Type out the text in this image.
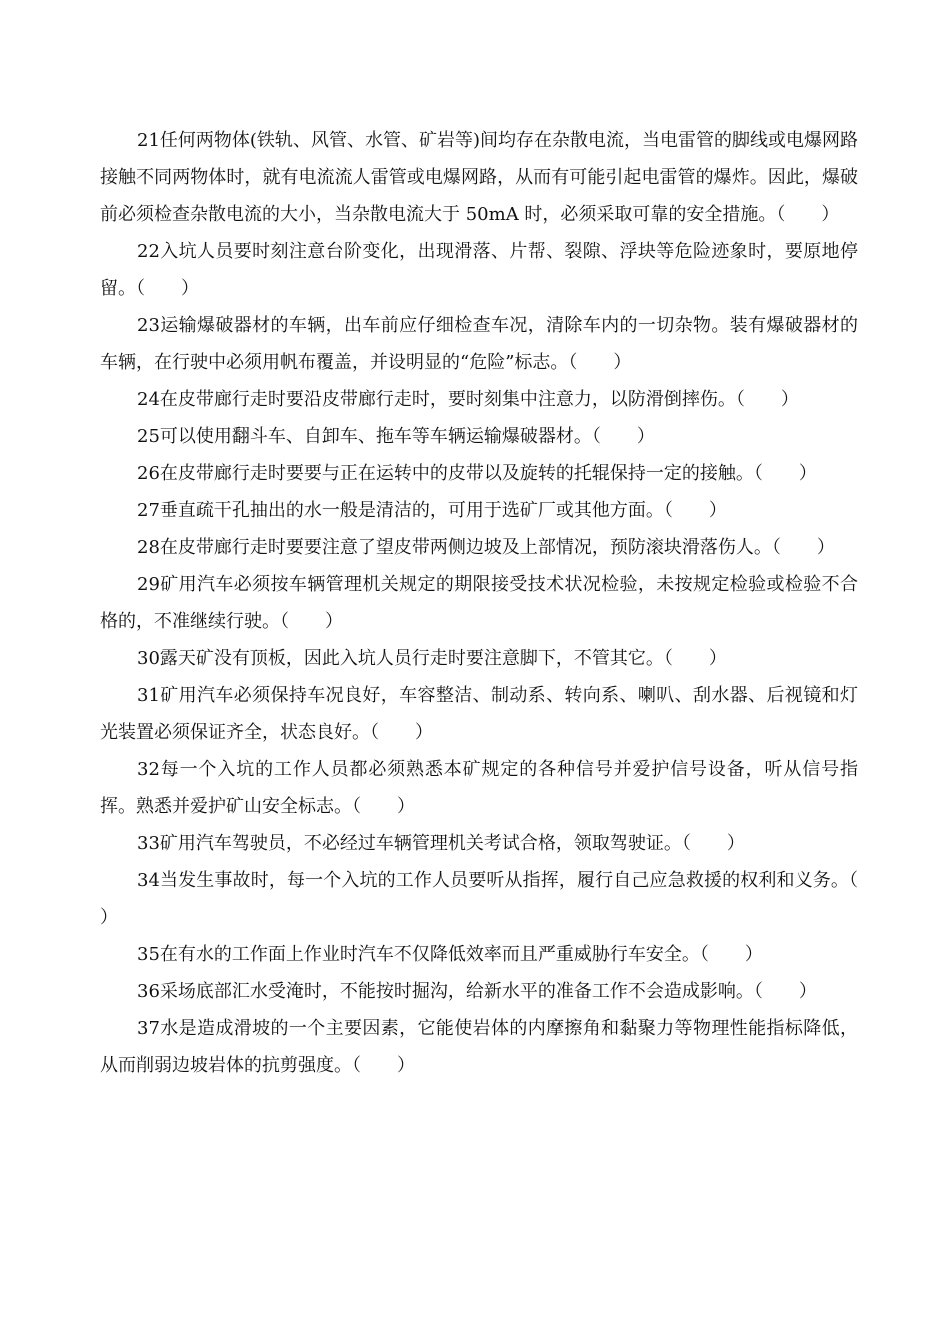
21任何两物体(铁轨、风管、水管、矿岩等)间均存在杂散电流，当电雷管的脚线或电爆网路接触不同两物体时，就有电流流人雷管或电爆网路，从而有可能引起电雷管的爆炸。因此，爆破前必须检查杂散电流的大小，当杂散电流大于 50mA 时，必须采取可靠的安全措施。（　　）

22入坑人员要时刻注意台阶变化，出现滑落、片帮、裂隙、浮块等危险迹象时，要原地停留。（　　）

23运输爆破器材的车辆，出车前应仔细检查车况，清除车内的一切杂物。装有爆破器材的车辆，在行驶中必须用帆布覆盖，并设明显的“危险”标志。（　　）

24在皮带廊行走时要沿皮带廊行走时，要时刻集中注意力，以防滑倒摔伤。（　　）

25可以使用翻斗车、自卸车、拖车等车辆运输爆破器材。（　　）

26在皮带廊行走时要要与正在运转中的皮带以及旋转的托辊保持一定的接触。（　　）

27垂直疏干孔抽出的水一般是清洁的，可用于选矿厂或其他方面。（　　）

28在皮带廊行走时要要注意了望皮带两侧边坡及上部情况，预防滚块滑落伤人。（　　）

29矿用汽车必须按车辆管理机关规定的期限接受技术状况检验，未按规定检验或检验不合格的，不准继续行驶。（　　）

30露天矿没有顶板，因此入坑人员行走时要注意脚下，不管其它。（　　）

31矿用汽车必须保持车况良好，车容整洁、制动系、转向系、喇叭、刮水器、后视镜和灯光装置必须保证齐全，状态良好。（　　）

32每一个入坑的工作人员都必须熟悉本矿规定的各种信号并爱护信号设备，听从信号指挥。熟悉并爱护矿山安全标志。（　　）

33矿用汽车驾驶员，不必经过车辆管理机关考试合格，领取驾驶证。（　　）

34当发生事故时，每一个入坑的工作人员要听从指挥，履行自己应急救援的权利和义务。（　　）

35在有水的工作面上作业时汽车不仅降低效率而且严重威胁行车安全。（　　）

36采场底部汇水受淹时，不能按时掘沟，给新水平的准备工作不会造成影响。（　　）

37水是造成滑坡的一个主要因素，它能使岩体的内摩擦角和黏聚力等物理性能指标降低，从而削弱边坡岩体的抗剪强度。（　　）
